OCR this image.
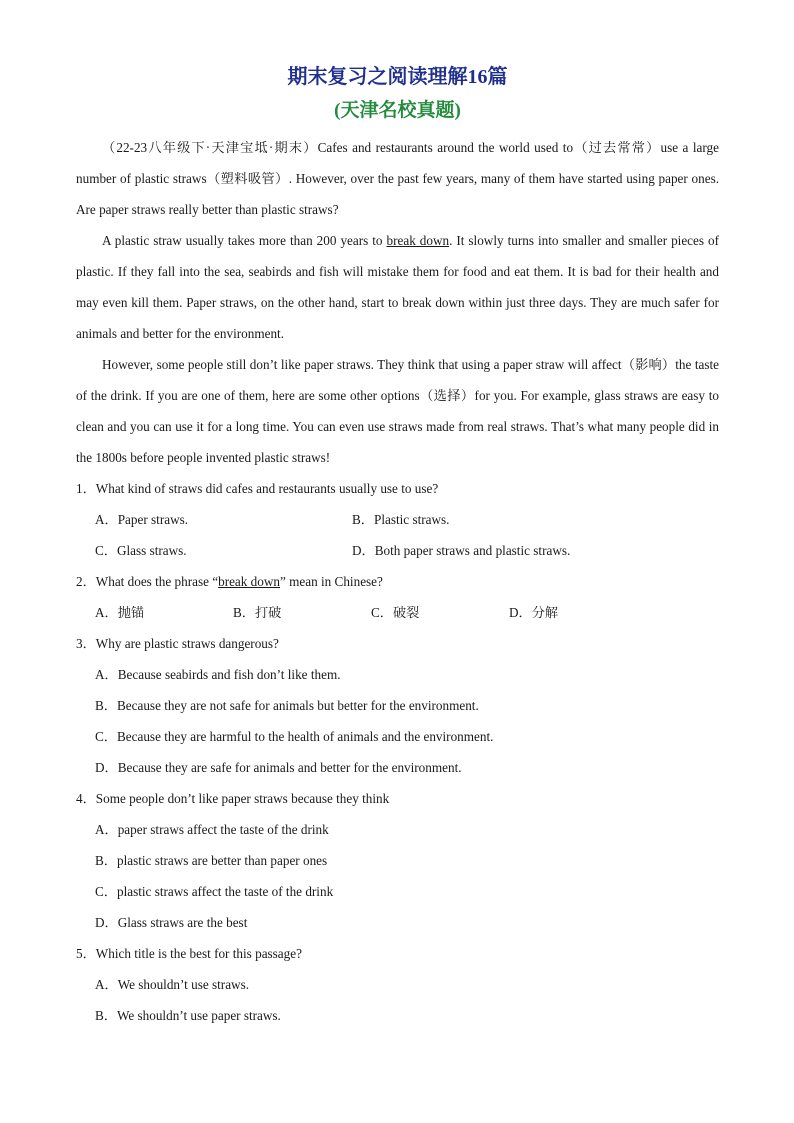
期末复习之阅读理解16篇
(天津名校真题)

（22-23八年级下·天津宝坻·期末）Cafes and restaurants around the world used to（过去常常）use a large number of plastic straws（塑料吸管）. However, over the past few years, many of them have started using paper ones. Are paper straws really better than plastic straws?

A plastic straw usually takes more than 200 years to break down. It slowly turns into smaller and smaller pieces of plastic. If they fall into the sea, seabirds and fish will mistake them for food and eat them. It is bad for their health and may even kill them. Paper straws, on the other hand, start to break down within just three days. They are much safer for animals and better for the environment.

However, some people still don’t like paper straws. They think that using a paper straw will affect（影响）the taste of the drink. If you are one of them, here are some other options（选择）for you. For example, glass straws are easy to clean and you can use it for a long time. You can even use straws made from real straws. That’s what many people did in the 1800s before people invented plastic straws!

1．What kind of straws did cafes and restaurants usually use to use?

A．Paper straws.	B．Plastic straws.
C．Glass straws.	D．Both paper straws and plastic straws.

2．What does the phrase “break down” mean in Chinese?

A．抛锚	B．打破	C．破裂	D．分解

3．Why are plastic straws dangerous?

A．Because seabirds and fish don’t like them.
B．Because they are not safe for animals but better for the environment.
C．Because they are harmful to the health of animals and the environment.
D．Because they are safe for animals and better for the environment.

4．Some people don’t like paper straws because they think

A．paper straws affect the taste of the drink
B．plastic straws are better than paper ones
C．plastic straws affect the taste of the drink
D．Glass straws are the best

5．Which title is the best for this passage?

A．We shouldn’t use straws.
B．We shouldn’t use paper straws.
